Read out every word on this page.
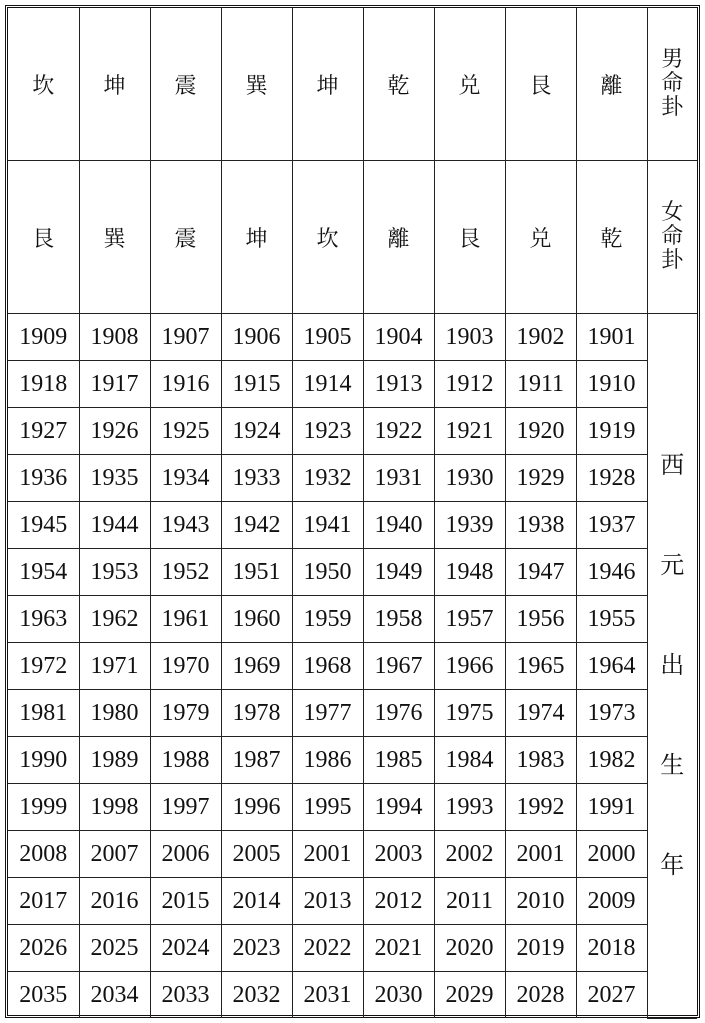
坎	坤	震	巽	坤	乾	兑	艮	離	男
命
卦

艮	巽	震	坤	坎	離	艮	兑	乾	女
命
卦

1909	1908	1907	1906	1905	1904	1903	1902	1901	西
元
出
生
年

1918	1917	1916	1915	1914	1913	1912	1911	1910	
1927	1926	1925	1924	1923	1922	1921	1920	1919	
1936	1935	1934	1933	1932	1931	1930	1929	1928	
1945	1944	1943	1942	1941	1940	1939	1938	1937	
1954	1953	1952	1951	1950	1949	1948	1947	1946	
1963	1962	1961	1960	1959	1958	1957	1956	1955	
1972	1971	1970	1969	1968	1967	1966	1965	1964	
1981	1980	1979	1978	1977	1976	1975	1974	1973	
1990	1989	1988	1987	1986	1985	1984	1983	1982	
1999	1998	1997	1996	1995	1994	1993	1992	1991	
2008	2007	2006	2005	2001	2003	2002	2001	2000	
2017	2016	2015	2014	2013	2012	2011	2010	2009	
2026	2025	2024	2023	2022	2021	2020	2019	2018	
2035	2034	2033	2032	2031	2030	2029	2028	2027	
